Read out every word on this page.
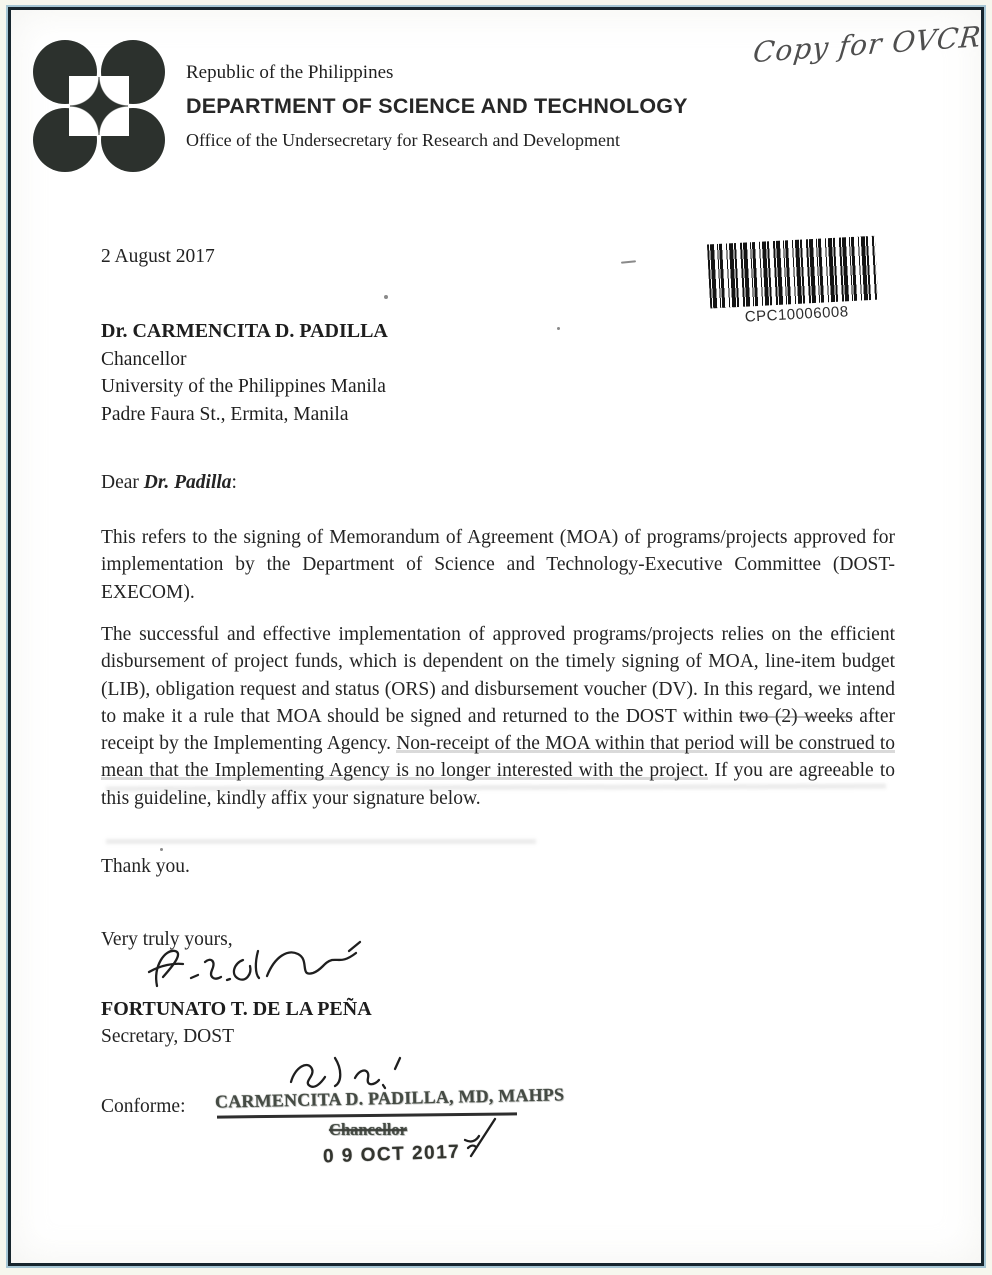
Republic of the Philippines
DEPARTMENT OF SCIENCE AND TECHNOLOGY
Office of the Undersecretary for Research and Development
Copy for OVCR
2 August 2017
CPC10006008
Dr. CARMENCITA D. PADILLA
Chancellor
University of the Philippines Manila
Padre Faura St., Ermita, Manila
Dear Dr. Padilla:
This refers to the signing of Memorandum of Agreement (MOA) of programs/projects approved for implementation by the Department of Science and Technology-Executive Committee (DOST-EXECOM).
The successful and effective implementation of approved programs/projects relies on the efficient disbursement of project funds, which is dependent on the timely signing of MOA, line-item budget (LIB), obligation request and status (ORS) and disbursement voucher (DV). In this regard, we intend to make it a rule that MOA should be signed and returned to the DOST within two (2) weeks after receipt by the Implementing Agency. Non-receipt of the MOA within that period will be construed to mean that the Implementing Agency is no longer interested with the project. If you are agreeable to this guideline, kindly affix your signature below.
Thank you.
Very truly yours,
FORTUNATO T. DE LA PEÑA
Secretary, DOST
Conforme: CARMENCITA D. PADILLA, MD, MAHPS
Chancellor
0 9 OCT 2017
